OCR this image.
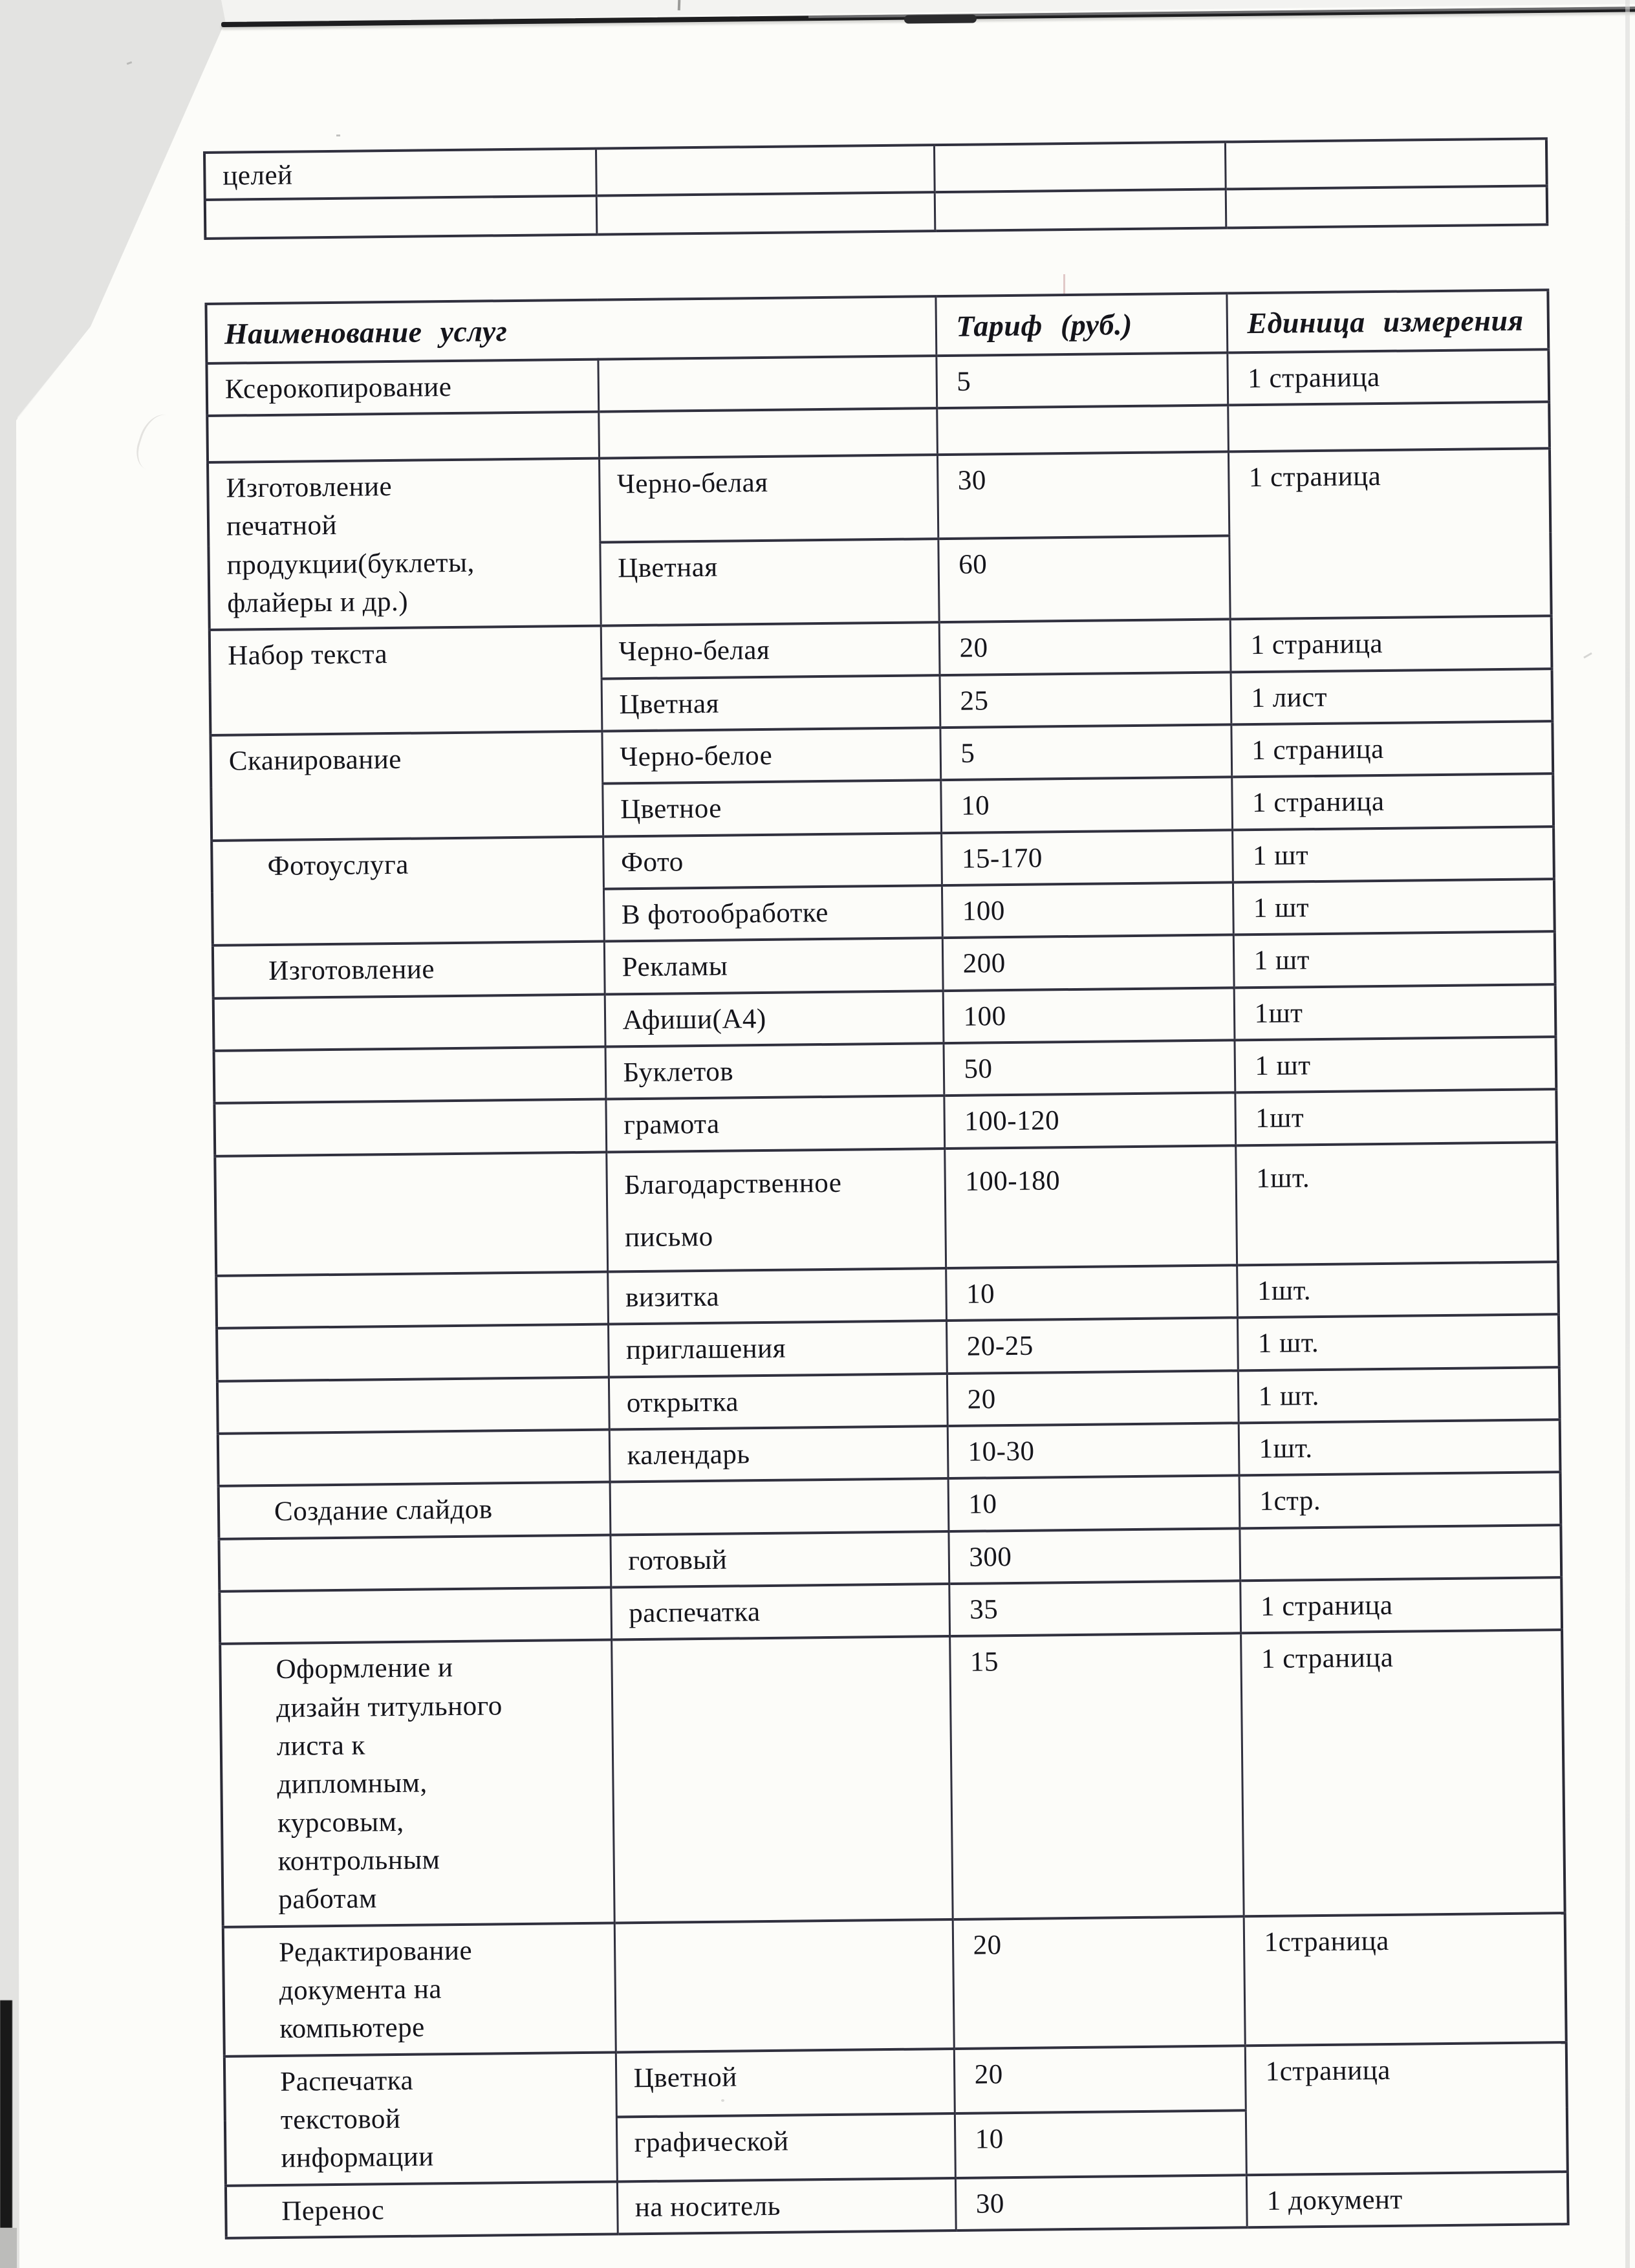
целей			

Наименование услуг		Тариф (руб.)	Единица измерения
Ксерокопирование		5	1 страница

Изготовление
печатной
продукции(буклеты,
флайеры и др.)	Черно-белая	30	1 страница
	Цветная	60	
Набор текста	Черно-белая	20	1 страница
	Цветная	25	1 лист
Сканирование	Черно-белое	5	1 страница
	Цветное	10	1 страница
Фотоуслуга	Фото	15-170	1 шт
	В фотообработке	100	1 шт
Изготовление	Рекламы	200	1 шт
	Афиши(А4)	100	1шт
	Буклетов	50	1 шт
	грамота	100-120	1шт
	Благодарственное
письмо	100-180	1шт.
	визитка	10	1шт.
	приглашения	20-25	1 шт.
	открытка	20	1 шт.
	календарь	10-30	1шт.
Создание слайдов		10	1стр.
	готовый	300	
	распечатка	35	1 страница
Оформление и
дизайн титульного
листа к
дипломным,
курсовым,
контрольным
работам		15	1 страница
Редактирование
документа на
компьютере		20	1страница
Распечатка
текстовой
информации	Цветной	20	1страница
	графической	10	
Перенос	на носитель	30	1 документ
